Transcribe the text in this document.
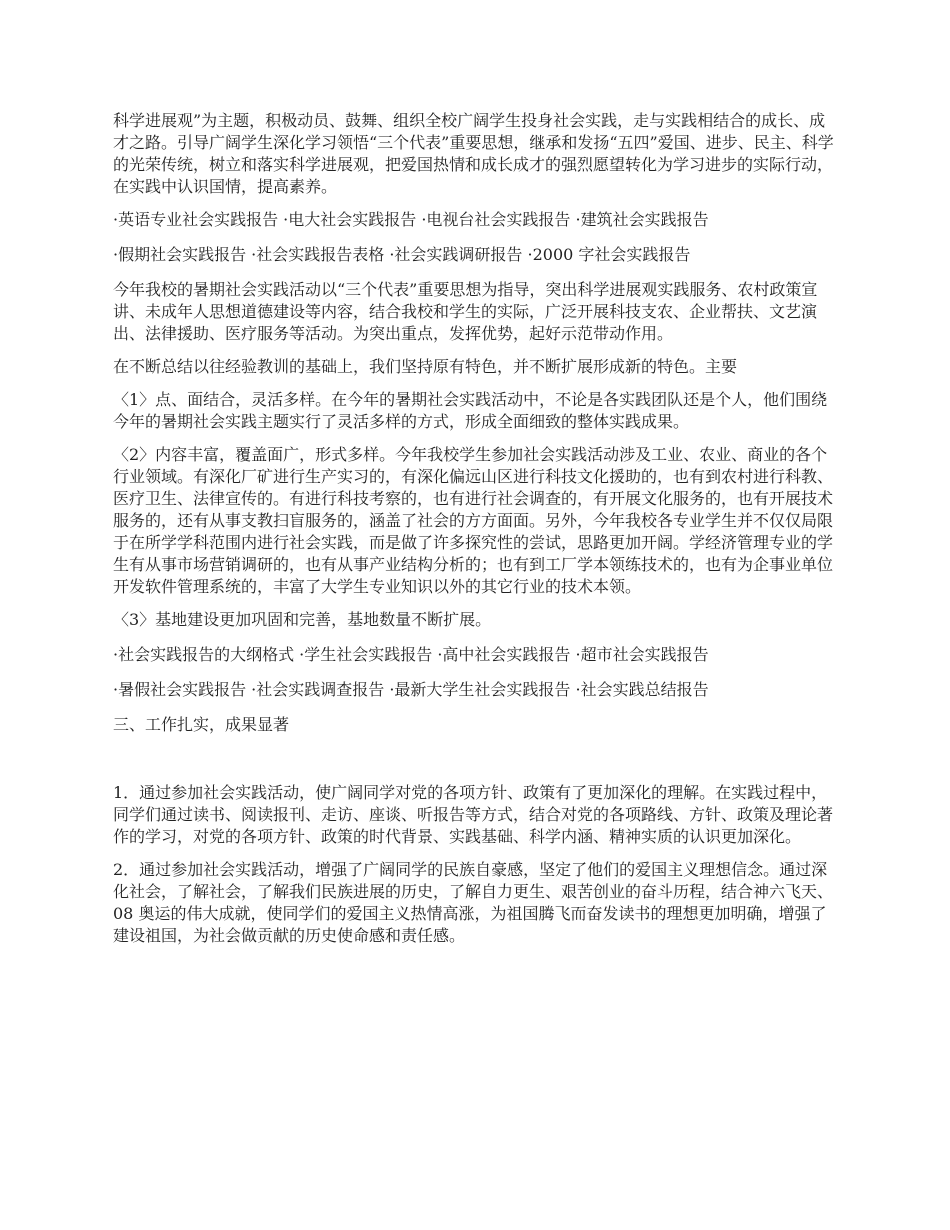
科学进展观”为主题，积极动员、鼓舞、组织全校广阔学生投身社会实践，走与实践相结合的成长、成才之路。引导广阔学生深化学习领悟“三个代表”重要思想，继承和发扬“五四”爱国、进步、民主、科学的光荣传统，树立和落实科学进展观，把爱国热情和成长成才的强烈愿望转化为学习进步的实际行动，在实践中认识国情，提高素养。

·英语专业社会实践报告 ·电大社会实践报告 ·电视台社会实践报告 ·建筑社会实践报告

·假期社会实践报告 ·社会实践报告表格 ·社会实践调研报告 ·2000 字社会实践报告

今年我校的暑期社会实践活动以“三个代表”重要思想为指导，突出科学进展观实践服务、农村政策宣讲、未成年人思想道德建设等内容，结合我校和学生的实际，广泛开展科技支农、企业帮扶、文艺演出、法律援助、医疗服务等活动。为突出重点，发挥优势，起好示范带动作用。

在不断总结以往经验教训的基础上，我们坚持原有特色，并不断扩展形成新的特色。主要

〈1〉点、面结合，灵活多样。在今年的暑期社会实践活动中，不论是各实践团队还是个人，他们围绕今年的暑期社会实践主题实行了灵活多样的方式，形成全面细致的整体实践成果。

〈2〉内容丰富，覆盖面广，形式多样。今年我校学生参加社会实践活动涉及工业、农业、商业的各个行业领域。有深化厂矿进行生产实习的，有深化偏远山区进行科技文化援助的，也有到农村进行科教、医疗卫生、法律宣传的。有进行科技考察的，也有进行社会调查的，有开展文化服务的，也有开展技术服务的，还有从事支教扫盲服务的，涵盖了社会的方方面面。另外，今年我校各专业学生并不仅仅局限于在所学学科范围内进行社会实践，而是做了许多探究性的尝试，思路更加开阔。学经济管理专业的学生有从事市场营销调研的，也有从事产业结构分析的；也有到工厂学本领练技术的，也有为企事业单位开发软件管理系统的，丰富了大学生专业知识以外的其它行业的技术本领。

〈3〉基地建设更加巩固和完善，基地数量不断扩展。

·社会实践报告的大纲格式 ·学生社会实践报告 ·高中社会实践报告 ·超市社会实践报告

·暑假社会实践报告 ·社会实践调查报告 ·最新大学生社会实践报告 ·社会实践总结报告

三、工作扎实，成果显著

1．通过参加社会实践活动，使广阔同学对党的各项方针、政策有了更加深化的理解。在实践过程中，同学们通过读书、阅读报刊、走访、座谈、听报告等方式，结合对党的各项路线、方针、政策及理论著作的学习，对党的各项方针、政策的时代背景、实践基础、科学内涵、精神实质的认识更加深化。

2．通过参加社会实践活动，增强了广阔同学的民族自豪感，坚定了他们的爱国主义理想信念。通过深化社会，了解社会，了解我们民族进展的历史，了解自力更生、艰苦创业的奋斗历程，结合神六飞天、08 奥运的伟大成就，使同学们的爱国主义热情高涨，为祖国腾飞而奋发读书的理想更加明确，增强了建设祖国，为社会做贡献的历史使命感和责任感。
